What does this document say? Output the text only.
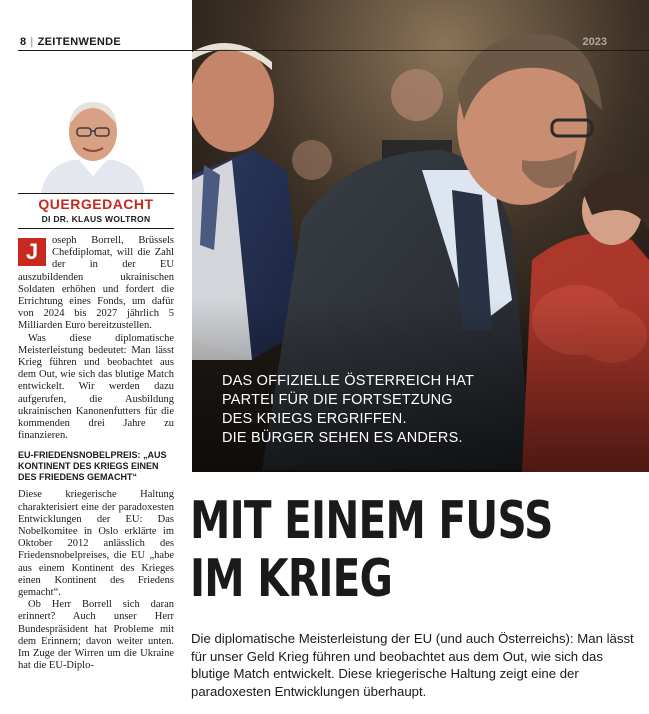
8 | ZEITENWENDE	2023
DAS OFFIZIELLE ÖSTERREICH HAT
PARTEI FÜR DIE FORTSETZUNG
DES KRIEGS ERGRIFFEN.
DIE BÜRGER SEHEN ES ANDERS.
QUERGEDACHT
DI DR. KLAUS WOLTRON

J	oseph Borrell, Brüssels Chefdiplomat, will die Zahl der in der EU auszubildenden ukrainischen Soldaten erhöhen und fordert die Errichtung eines Fonds, um dafür von 2024 bis 2027 jährlich 5 Milliarden Euro bereitzustellen.

Was diese diplomatische Meisterleistung bedeutet: Man lässt Krieg führen und beobachtet aus dem Out, wie sich das blutige Match entwickelt. Wir werden dazu aufgerufen, die Ausbildung ukrainischen Kanonenfutters für die kommenden drei Jahre zu finanzieren.

EU-FRIEDENSNOBELPREIS: „AUS KONTINENT DES KRIEGS EINEN DES FRIEDENS GEMACHT“

Diese kriegerische Haltung charakterisiert eine der paradoxesten Entwicklungen der EU: Das Nobelkomitee in Oslo erklärte im Oktober 2012 anlässlich des Friedensnobelpreises, die EU „habe aus einem Kontinent des Krieges einen Kontinent des Friedens gemacht“.

Ob Herr Borrell sich daran erinnert? Auch unser Herr Bundespräsident hat Probleme mit dem Erinnern; davon weiter unten. Im Zuge der Wirren um die Ukraine hat die EU-Diplo-

MIT EINEM FUSS
IM KRIEG
Die diplomatische Meisterleistung der EU (und auch Österreichs): Man lässt für unser Geld Krieg führen und beobachtet aus dem Out, wie sich das blutige Match entwickelt. Diese kriegerische Haltung zeigt eine der paradoxesten Entwicklungen überhaupt.
